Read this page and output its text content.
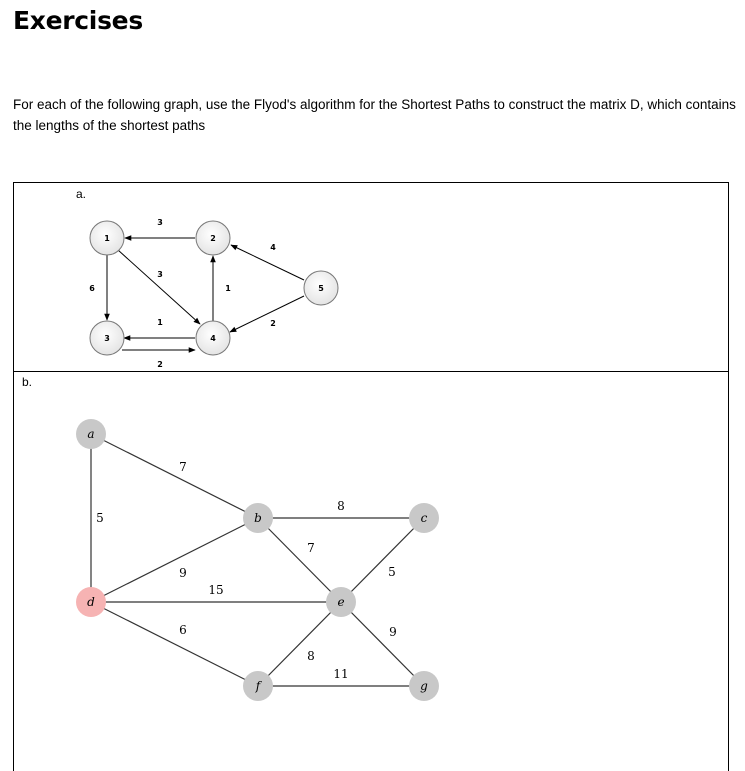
Exercises
For each of the following graph, use the Flyod's algorithm for the Shortest Paths to construct the matrix D, which contains the lengths of the shortest paths
a.
b.
3
3
6
1
2
1
4
2
1	2
3	4
5
7
5
8
9
7
5
15
6
8
9
11
a
b	c
d	e
f	g
